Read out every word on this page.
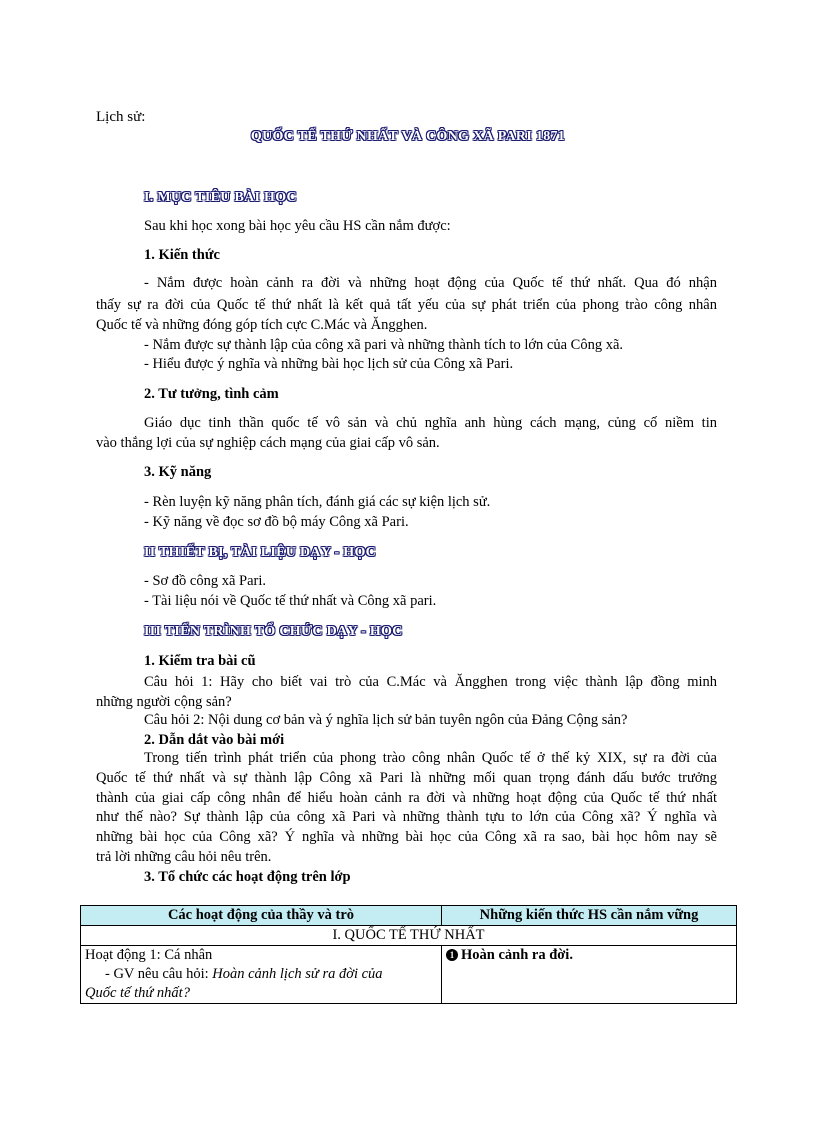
Lịch sử:
QUỐC TẾ THỨ NHẤT VÀ CÔNG XÃ PARI 1871
I. MỤC TIÊU BÀI HỌC
Sau khi học xong bài học yêu cầu HS cần nắm được:
1. Kiến thức
- Nắm được hoàn cảnh ra đời và những hoạt động của Quốc tế thứ nhất. Qua đó nhận
thấy sự ra đời của Quốc tế thứ nhất là kết quả tất yếu của sự phát triển của phong trào công nhân
Quốc tế và những đóng góp tích cực C.Mác và Ăngghen.
- Nắm được sự thành lập của công xã pari và những thành tích to lớn của Công xã.
- Hiểu được ý nghĩa và những bài học lịch sử của Công xã Pari.
2. Tư tưởng, tình cảm
Giáo dục tinh thần quốc tế vô sản và chủ nghĩa anh hùng cách mạng, củng cố niềm tin
vào thắng lợi của sự nghiệp cách mạng của giai cấp vô sản.
3. Kỹ năng
- Rèn luyện kỹ năng phân tích, đánh giá các sự kiện lịch sử.
- Kỹ năng về đọc sơ đồ bộ máy Công xã Pari.
II THIẾT BỊ, TÀI LIỆU DẠY - HỌC
- Sơ đồ công xã Pari.
- Tài liệu nói về Quốc tế thứ nhất và Công xã pari.
III TIẾN TRÌNH TỔ CHỨC DẠY - HỌC
1. Kiểm tra bài cũ
Câu hỏi 1: Hãy cho biết vai trò của C.Mác và Ăngghen trong việc thành lập đồng minh
những người cộng sản?
Câu hỏi 2: Nội dung cơ bản và ý nghĩa lịch sử bản tuyên ngôn của Đảng Cộng sản?
2. Dẫn dắt vào bài mới
Trong tiến trình phát triển của phong trào công nhân Quốc tế ở thế kỷ XIX, sự ra đời của
Quốc tế thứ nhất và sự thành lập Công xã Pari là những mối quan trọng đánh dấu bước trưởng
thành của giai cấp công nhân để hiểu hoàn cảnh ra đời và những hoạt động của Quốc tế thứ nhất
như thế nào? Sự thành lập của công xã Pari và những thành tựu to lớn của Công xã? Ý nghĩa và
những bài học của Công xã? Ý nghĩa và những bài học của Công xã ra sao, bài học hôm nay sẽ
trả lời những câu hỏi nêu trên.
3. Tổ chức các hoạt động trên lớp
Các hoạt động của thầy và trò	Những kiến thức HS cần nắm vững
I. QUỐC TẾ THỨ NHẤT	

Hoạt động 1: Cá nhân
- GV nêu câu hỏi: Hoàn cảnh lịch sử ra đời của
Quốc tế thứ nhất?	1 Hoàn cảnh ra đời.
